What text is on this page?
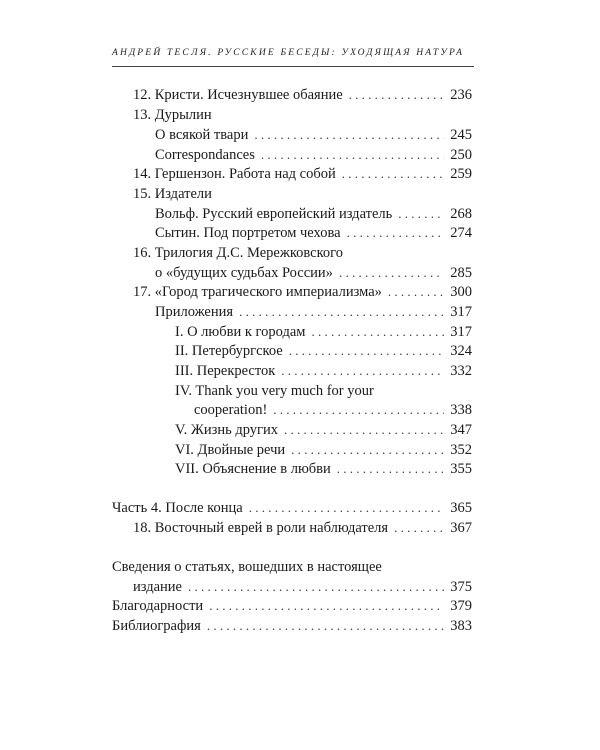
АНДРЕЙ ТЕСЛЯ. РУССКИЕ БЕСЕДЫ: УХОДЯЩАЯ НАТУРА
12. Кристи. Исчезнувшее обаяние . . .	236
13. Дурылин
О всякой твари . . .	245
Correspondances . . .	250
14. Гершензон. Работа над собой . . .	259
15. Издатели
Вольф. Русский европейский издатель . . .	268
Сытин. Под портретом чехова . . .	274
16. Трилогия Д.С. Мережковского
о «будущих судьбах России» . . .	285
17. «Город трагического империализма» . . .	300
Приложения . . .	317
I. О любви к городам . . .	317
II. Петербургское . . .	324
III. Перекресток . . .	332
IV. Thank you very much for your
cooperation! . . .	338
V. Жизнь других . . .	347
VI. Двойные речи . . .	352
VII. Объяснение в любви . . .	355
Часть 4. После конца . . .	365
18. Восточный еврей в роли наблюдателя . . .	367
Сведения о статьях, вошедших в настоящее
издание . . .	375
Благодарности . . .	379
Библиография . . .	383
